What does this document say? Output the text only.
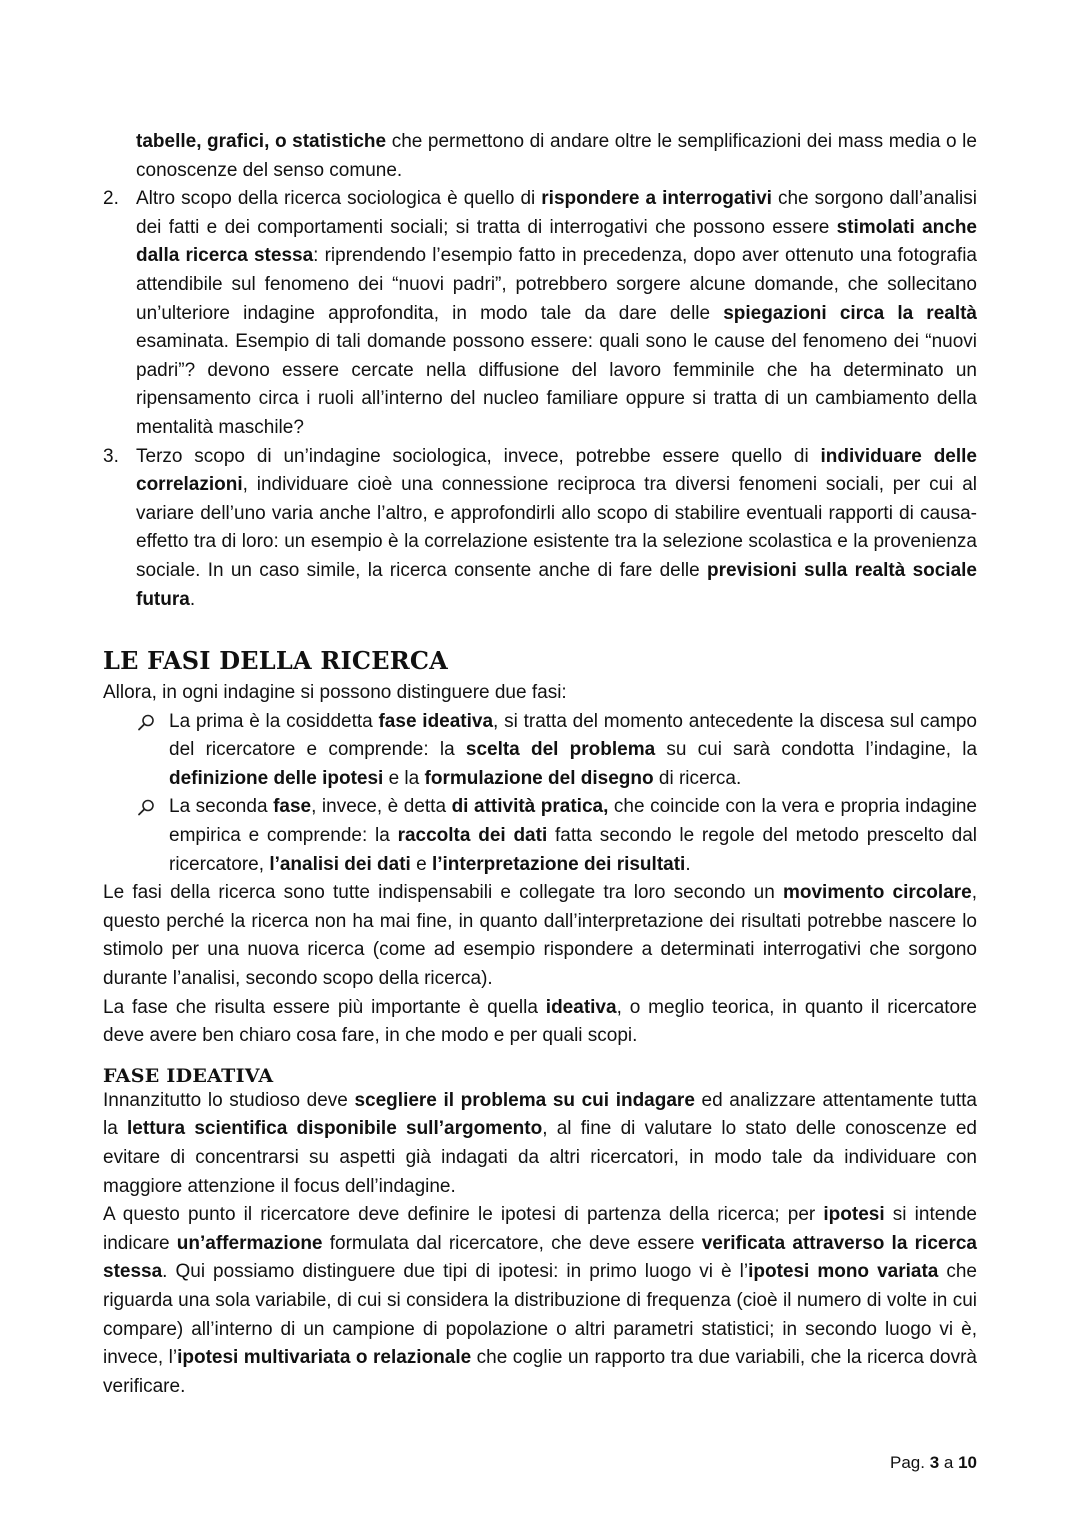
tabelle, grafici, o statistiche che permettono di andare oltre le semplificazioni dei mass media o le conoscenze del senso comune.

2. Altro scopo della ricerca sociologica è quello di rispondere a interrogativi che sorgono dall’analisi dei fatti e dei comportamenti sociali; si tratta di interrogativi che possono essere stimolati anche dalla ricerca stessa: riprendendo l’esempio fatto in precedenza, dopo aver ottenuto una fotografia attendibile sul fenomeno dei “nuovi padri”, potrebbero sorgere alcune domande, che sollecitano un’ulteriore indagine approfondita, in modo tale da dare delle spiegazioni circa la realtà esaminata. Esempio di tali domande possono essere: quali sono le cause del fenomeno dei “nuovi padri”? devono essere cercate nella diffusione del lavoro femminile che ha determinato un ripensamento circa i ruoli all’interno del nucleo familiare oppure si tratta di un cambiamento della mentalità maschile?
3. Terzo scopo di un’indagine sociologica, invece, potrebbe essere quello di individuare delle correlazioni, individuare cioè una connessione reciproca tra diversi fenomeni sociali, per cui al variare dell’uno varia anche l’altro, e approfondirli allo scopo di stabilire eventuali rapporti di causa-effetto tra di loro: un esempio è la correlazione esistente tra la selezione scolastica e la provenienza sociale. In un caso simile, la ricerca consente anche di fare delle previsioni sulla realtà sociale futura.
LE FASI DELLA RICERCA

Allora, in ogni indagine si possono distinguere due fasi:

La prima è la cosiddetta fase ideativa, si tratta del momento antecedente la discesa sul campo del ricercatore e comprende: la scelta del problema su cui sarà condotta l’indagine, la definizione delle ipotesi e la formulazione del disegno di ricerca.

La seconda fase, invece, è detta di attività pratica, che coincide con la vera e propria indagine empirica e comprende: la raccolta dei dati fatta secondo le regole del metodo prescelto dal ricercatore, l’analisi dei dati e l’interpretazione dei risultati.

Le fasi della ricerca sono tutte indispensabili e collegate tra loro secondo un movimento circolare, questo perché la ricerca non ha mai fine, in quanto dall’interpretazione dei risultati potrebbe nascere lo stimolo per una nuova ricerca (come ad esempio rispondere a determinati interrogativi che sorgono durante l’analisi, secondo scopo della ricerca).

La fase che risulta essere più importante è quella ideativa, o meglio teorica, in quanto il ricercatore deve avere ben chiaro cosa fare, in che modo e per quali scopi.

FASE IDEATIVA

Innanzitutto lo studioso deve scegliere il problema su cui indagare ed analizzare attentamente tutta la lettura scientifica disponibile sull’argomento, al fine di valutare lo stato delle conoscenze ed evitare di concentrarsi su aspetti già indagati da altri ricercatori, in modo tale da individuare con maggiore attenzione il focus dell’indagine.

A questo punto il ricercatore deve definire le ipotesi di partenza della ricerca; per ipotesi si intende indicare un’affermazione formulata dal ricercatore, che deve essere verificata attraverso la ricerca stessa. Qui possiamo distinguere due tipi di ipotesi: in primo luogo vi è l’ipotesi mono variata che riguarda una sola variabile, di cui si considera la distribuzione di frequenza (cioè il numero di volte in cui compare) all’interno di un campione di popolazione o altri parametri statistici; in secondo luogo vi è, invece, l’ipotesi multivariata o relazionale che coglie un rapporto tra due variabili, che la ricerca dovrà verificare.

Pag. 3 a 10
